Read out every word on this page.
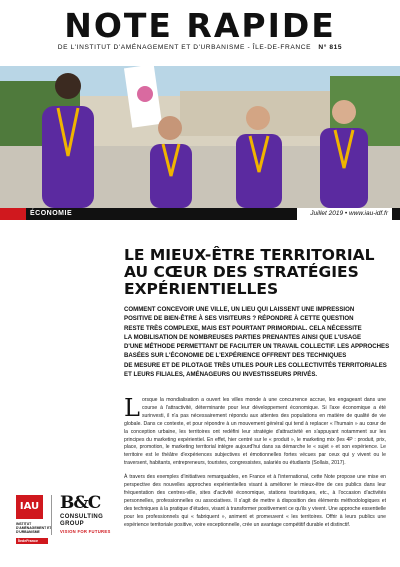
NOTE RAPIDE
DE L'INSTITUT D'AMÉNAGEMENT ET D'URBANISME - ÎLE-DE-FRANCE N° 815
ÉCONOMIE	Juillet 2019 • www.iau-idf.fr
LE MIEUX-ÊTRE TERRITORIAL
AU CŒUR DES STRATÉGIES
EXPÉRIENTIELLES
COMMENT CONCEVOIR UNE VILLE, UN LIEU QUI LAISSENT UNE IMPRESSION
POSITIVE DE BIEN-ÊTRE À SES VISITEURS ? RÉPONDRE À CETTE QUESTION
RESTE TRÈS COMPLEXE, MAIS EST POURTANT PRIMORDIAL. CELA NÉCESSITE
LA MOBILISATION DE NOMBREUSES PARTIES PRENANTES AINSI QUE L'USAGE
D'UNE MÉTHODE PERMETTANT DE FACILITER UN TRAVAIL COLLECTIF. LES APPROCHES
BASÉES SUR L'ÉCONOMIE DE L'EXPÉRIENCE OFFRENT DES TECHNIQUES
DE MESURE ET DE PILOTAGE TRÈS UTILES POUR LES COLLECTIVITÉS TERRITORIALES
ET LEURS FILIALES, AMÉNAGEURS OU INVESTISSEURS PRIVÉS.

Lorsque la mondialisation a ouvert les villes monde à une concurrence accrue, les engageant dans une course à l'attractivité, déterminante pour leur développement économique. Si l'axe économique a été surinvesti, il n'a pas nécessairement répondu aux attentes des populations en matière de qualité de vie globale. Dans ce contexte, et pour répondre à un mouvement général qui tend à replacer « l'humain » au cœur de la conception urbaine, les territoires ont redéfini leur stratégie d'attractivité en s'appuyant notamment sur les principes du marketing expérientiel. En effet, hier centré sur le « produit », le marketing mix (les 4P : produit, prix, place, promotion, le marketing territorial intègre aujourd'hui dans sa démarche le « sujet » et son expérience. Le territoire est le théâtre d'expériences subjectives et émotionnelles fortes vécues par ceux qui y vivent ou le traversent, habitants, entrepreneurs, touristes, congressistes, salariés ou étudiants (Sollais, 2017).

À travers des exemples d'initiatives remarquables, en France et à l'international, cette Note propose une mise en perspective des nouvelles approches expérientielles visant à améliorer le mieux-être de ces publics dans leur fréquentation des centres-ville, sites d'activité économique, stations touristiques, etc., à l'occasion d'activités personnelles, professionnelles ou associatives. Il s'agit de mettre à disposition des éléments méthodologiques et des techniques à la pratique d'études, visant à transformer positivement ce qu'ils y vivent. Une approche essentielle pour les professionnels qui « fabriquent », animent et promeuvent « les territoires. Offrir à leurs publics une expérience territoriale positive, voire exceptionnelle, crée un avantage compétitif durable et distinctif.

IAU
INSTITUT D'AMÉNAGEMENT ET D'URBANISME
ÎledeFrance
B&C
CONSULTING
GROUP
VISION FOR FUTURES
